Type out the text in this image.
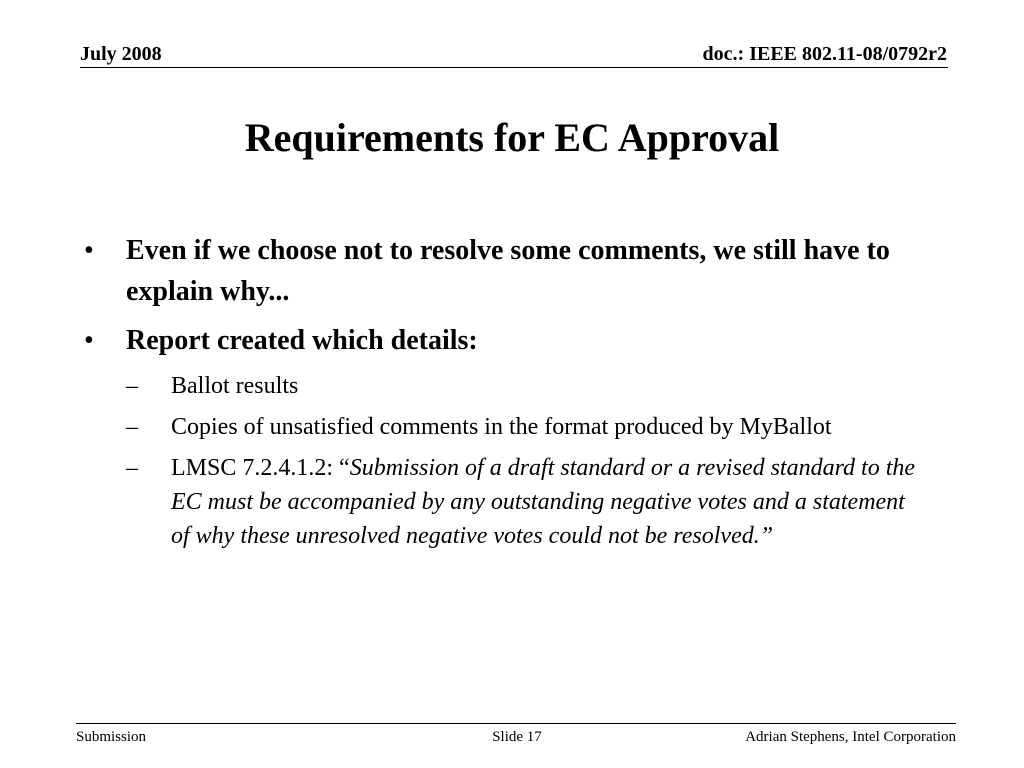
July 2008	doc.: IEEE 802.11-08/0792r2
Requirements for EC Approval
• Even if we choose not to resolve some comments, we still have to explain why...
• Report created which details:
– Ballot results
– Copies of unsatisfied comments in the format produced by MyBallot
– LMSC 7.2.4.1.2: “Submission of a draft standard or a revised standard to the EC must be accompanied by any outstanding negative votes and a statement of why these unresolved negative votes could not be resolved.”
Submission	Slide 17	Adrian Stephens, Intel Corporation
